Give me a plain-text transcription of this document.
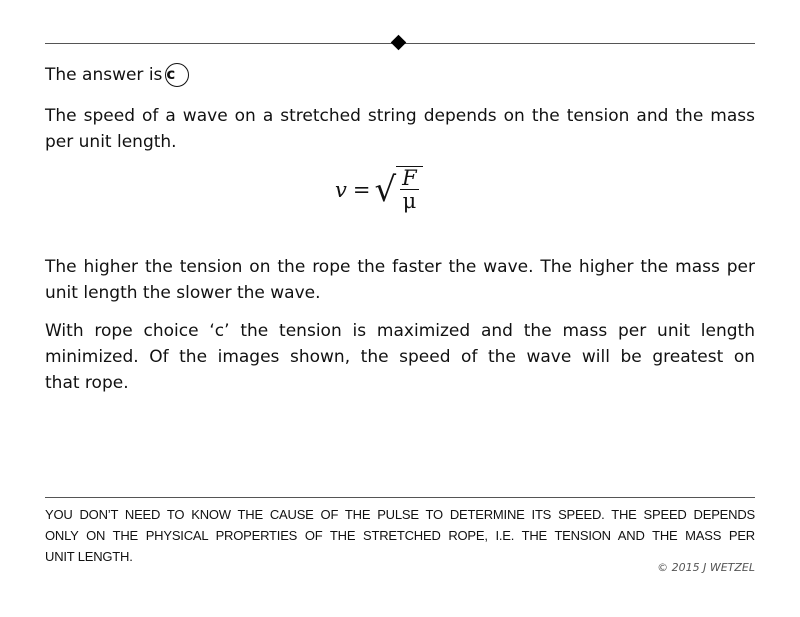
The answer is c
The speed of a wave on a stretched string depends on the tension and the mass
per unit length.
v = √ $\frac{F}{\mu}$
The higher the tension on the rope the faster the wave. The higher the mass per
unit length the slower the wave.
With rope choice ‘c’ the tension is maximized and the mass per unit length
minimized. Of the images shown, the speed of the wave will be greatest on
that rope.
YOU DON’T NEED TO KNOW THE CAUSE OF THE PULSE TO DETERMINE ITS SPEED. THE SPEED DEPENDS
ONLY ON THE PHYSICAL PROPERTIES OF THE STRETCHED ROPE, I.E. THE TENSION AND THE MASS PER
UNIT LENGTH.
© 2015 J WETZEL
